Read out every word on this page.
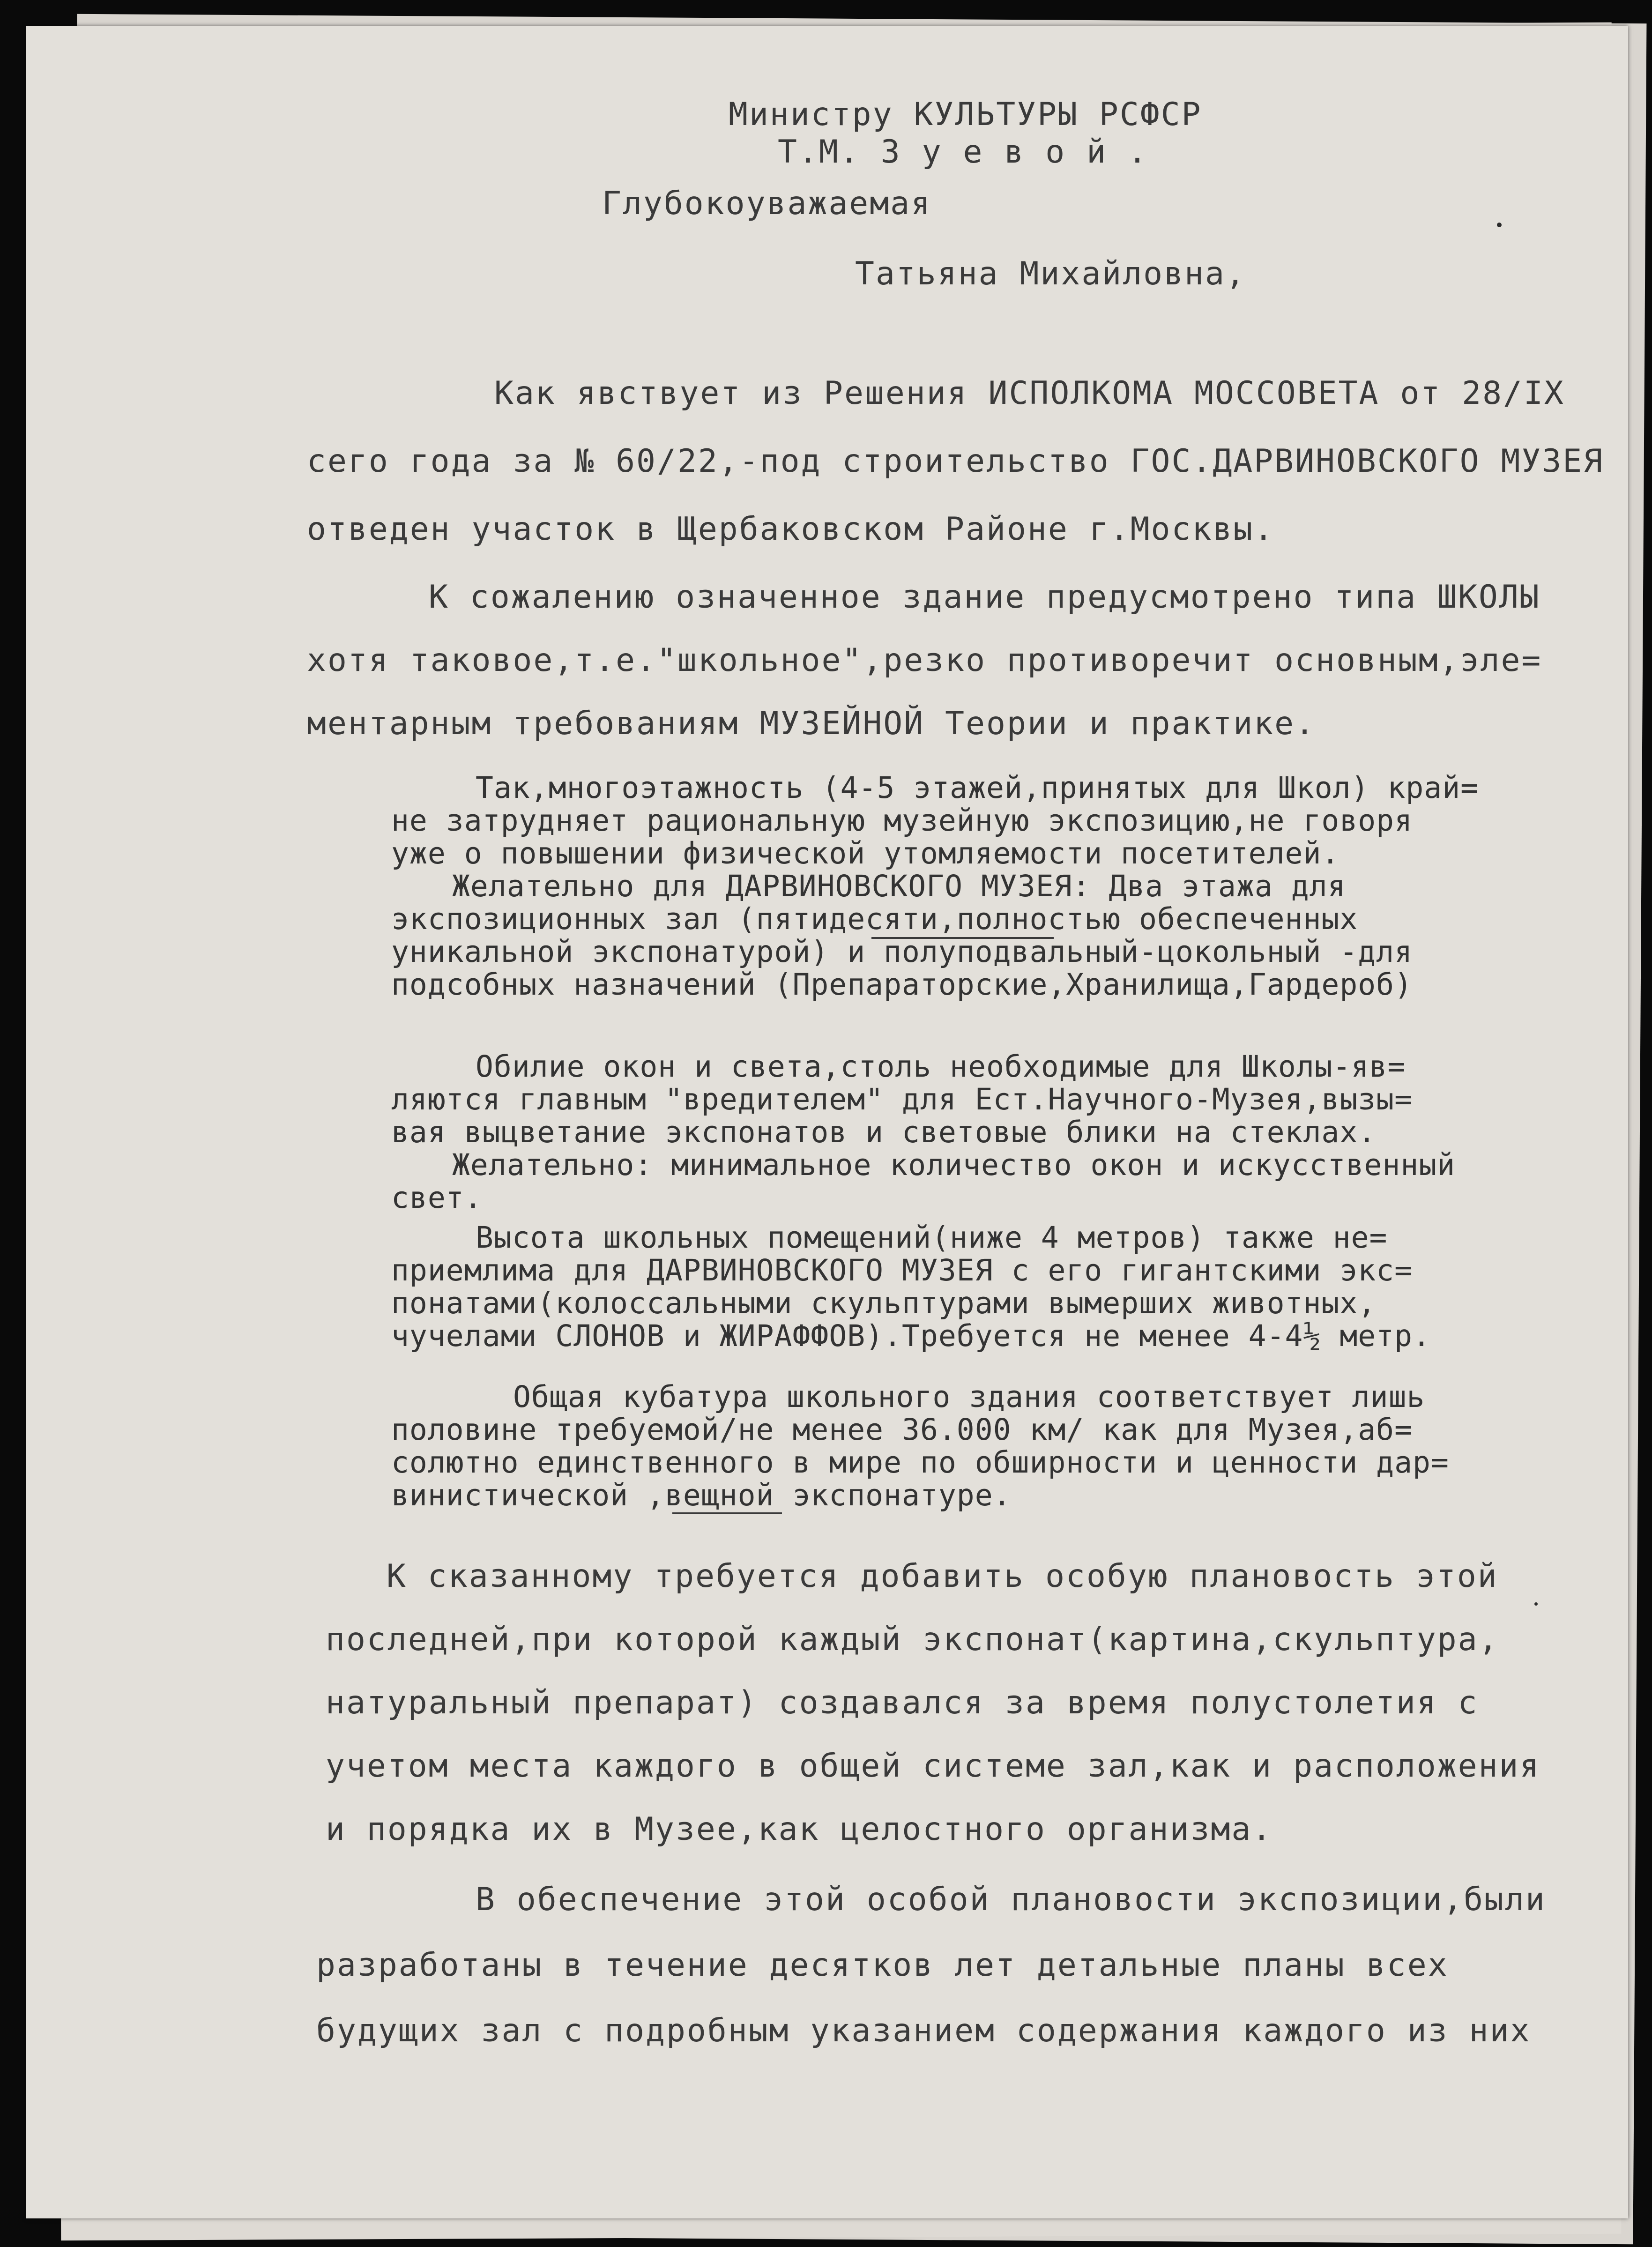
Министру КУЛЬТУРЫ РСФСР
Т.М. З у е в о й .
Глубокоуважаемая
Татьяна Михайловна,
Как явствует из Решения ИСПОЛКОМА МОССОВЕТА от 28/IX
сего года за № 60/22,-под строительство ГОС.ДАРВИНОВСКОГО МУЗЕЯ
отведен участок в Щербаковском Районе г.Москвы.
К сожалению означенное здание предусмотрено типа ШКОЛЫ
хотя таковое,т.е."школьное",резко противоречит основным,эле=
ментарным требованиям МУЗЕЙНОЙ Теории и практике.
Так,многоэтажность (4-5 этажей,принятых для Школ) край=
не затрудняет рациональную музейную экспозицию,не говоря
уже о повышении физической утомляемости посетителей.
Желательно для ДАРВИНОВСКОГО МУЗЕЯ: Два этажа для
экспозиционных зал (пятидесяти,полностью обеспеченных
уникальной экспонатурой) и полуподвальный-цокольный -для
подсобных назначений (Препараторские,Хранилища,Гардероб)
Обилие окон и света,столь необходимые для Школы-яв=
ляются главным "вредителем" для Ест.Научного-Музея,вызы=
вая выцветание экспонатов и световые блики на стеклах.
Желательно: минимальное количество окон и искусственный
свет.
Высота школьных помещений(ниже 4 метров) также не=
приемлима для ДАРВИНОВСКОГО МУЗЕЯ с его гигантскими экс=
понатами(колоссальными скульптурами вымерших животных,
чучелами СЛОНОВ и ЖИРАФФОВ).Требуется не менее 4-4½ метр.
Общая кубатура школьного здания соответствует лишь
половине требуемой/не менее 36.000 км/ как для Музея,аб=
солютно единственного в мире по обширности и ценности дар=
винистической ,вещной экспонатуре.
К сказанному требуется добавить особую плановость этой
последней,при которой каждый экспонат(картина,скульптура,
натуральный препарат) создавался за время полустолетия с
учетом места каждого в общей системе зал,как и расположения
и порядка их в Музее,как целостного организма.
В обеспечение этой особой плановости экспозиции,были
разработаны в течение десятков лет детальные планы всех
будущих зал с подробным указанием содержания каждого из них
